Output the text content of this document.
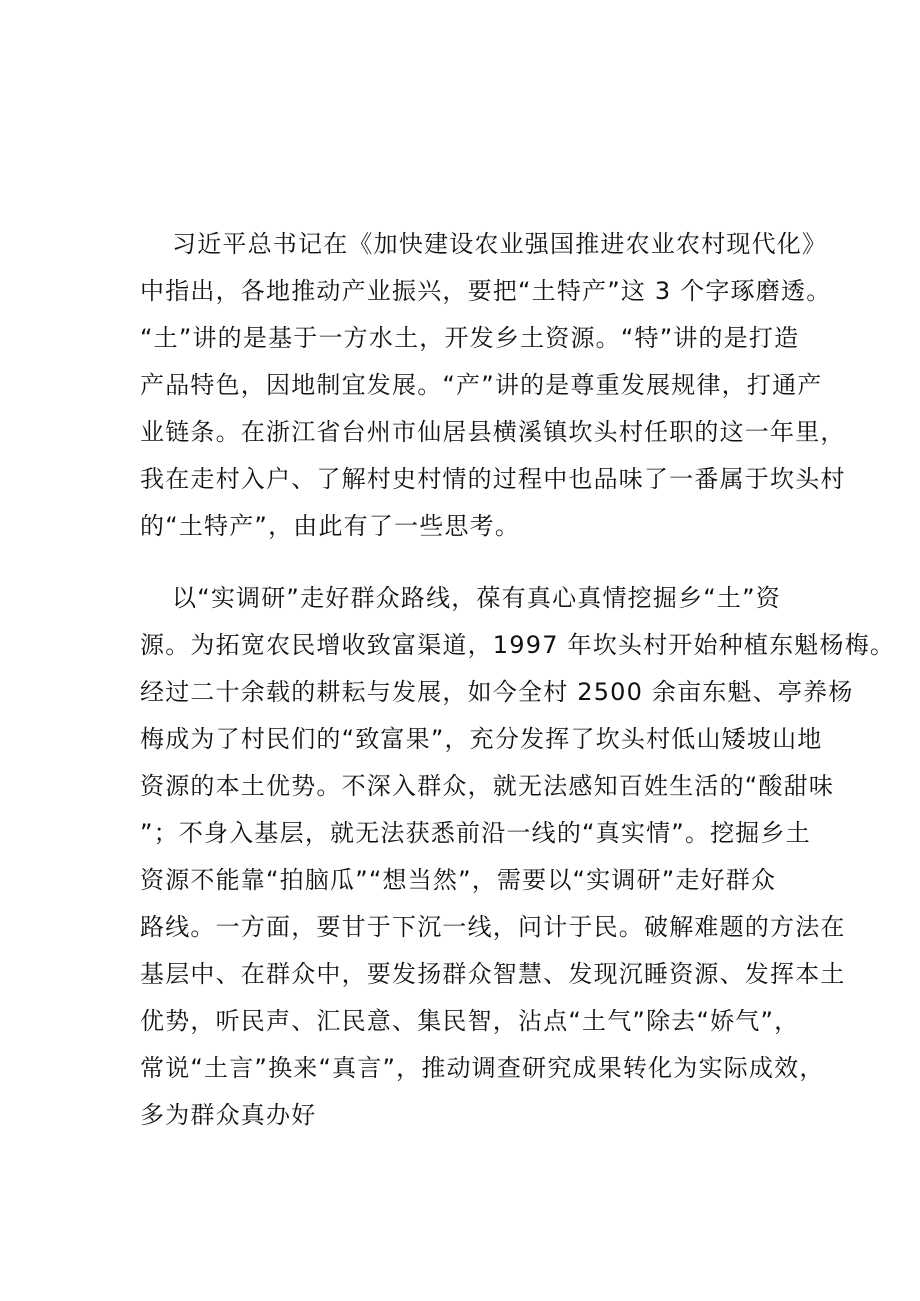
习近平总书记在《加快建设农业强国推进农业农村现代化》
中指出，各地推动产业振兴，要把“土特产”这 3 个字琢磨透。
“土”讲的是基于一方水土，开发乡土资源。“特”讲的是打造
产品特色，因地制宜发展。“产”讲的是尊重发展规律，打通产
业链条。在浙江省台州市仙居县横溪镇坎头村任职的这一年里，
我在走村入户、了解村史村情的过程中也品味了一番属于坎头村
的“土特产”，由此有了一些思考。
以“实调研”走好群众路线，葆有真心真情挖掘乡“土”资
源。为拓宽农民增收致富渠道，1997 年坎头村开始种植东魁杨梅。
经过二十余载的耕耘与发展，如今全村 2500 余亩东魁、亭养杨
梅成为了村民们的“致富果”，充分发挥了坎头村低山矮坡山地
资源的本土优势。不深入群众，就无法感知百姓生活的“酸甜味
”；不身入基层，就无法获悉前沿一线的“真实情”。挖掘乡土
资源不能靠“拍脑瓜”“想当然”，需要以“实调研”走好群众
路线。一方面，要甘于下沉一线，问计于民。破解难题的方法在
基层中、在群众中，要发扬群众智慧、发现沉睡资源、发挥本土
优势，听民声、汇民意、集民智，沾点“土气”除去“娇气”，
常说“土言”换来“真言”，推动调查研究成果转化为实际成效，
多为群众真办好
